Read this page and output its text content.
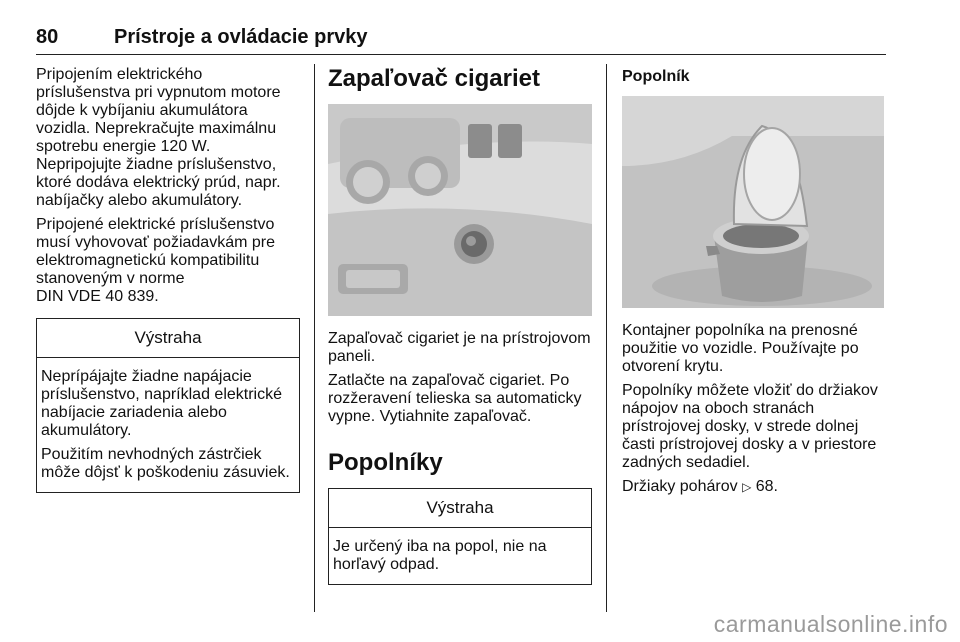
80	Prístroje a ovládacie prvky

Pripojením elektrického príslušenstva pri vypnutom motore dôjde k vybíjaniu akumulátora vozidla. Neprekračujte maximálnu spotrebu energie 120 W. Nepripojujte žiadne príslušenstvo, ktoré dodáva elektrický prúd, napr. nabíjačky alebo akumulátory.

Pripojené elektrické príslušenstvo musí vyhovovať požiadavkám pre elektromagnetickú kompatibilitu stanoveným v norme
DIN VDE 40 839.

Výstraha

Neprípájajte žiadne napájacie príslušenstvo, napríklad elektrické nabíjacie zariadenia alebo akumulátory.

Použitím nevhodných zástrčiek môže dôjsť k poškodeniu zásuviek.

Zapaľovač cigariet

Zapaľovač cigariet je na prístrojovom paneli.

Zatlačte na zapaľovač cigariet. Po rozžeravení telieska sa automaticky vypne. Vytiahnite zapaľovač.

Popolníky
Výstraha

Je určený iba na popol, nie na horľavý odpad.

Popolník

Kontajner popolníka na prenosné použitie vo vozidle. Používajte po otvorení krytu.

Popolníky môžete vložiť do držiakov nápojov na oboch stranách prístrojovej dosky, v strede dolnej časti prístrojovej dosky a v priestore zadných sedadiel.

Držiaky pohárov ▷ 68.

carmanualsonline.info
